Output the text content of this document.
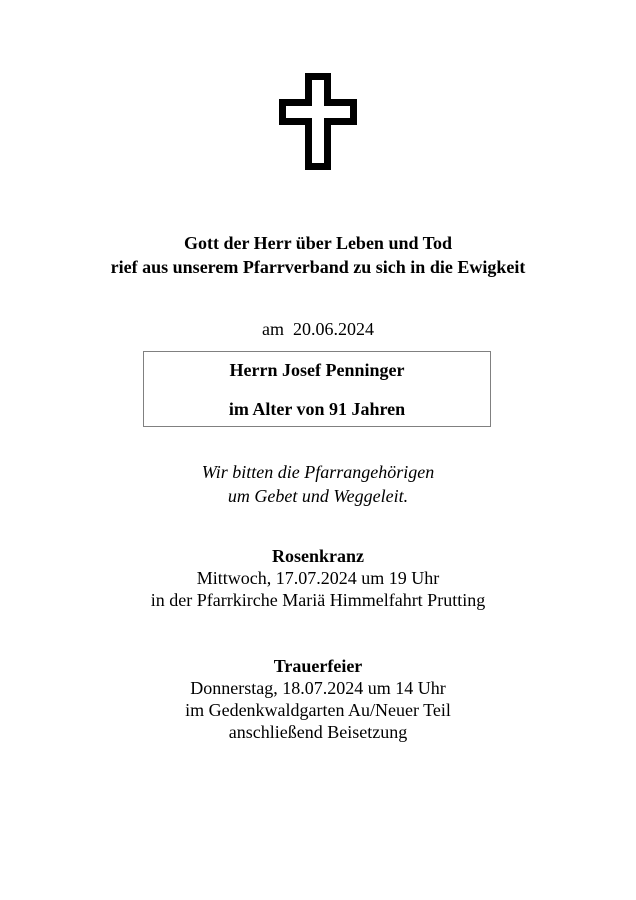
Gott der Herr über Leben und Tod
rief aus unserem Pfarrverband zu sich in die Ewigkeit
am 20.06.2024
Herrn Josef Penninger
im Alter von 91 Jahren
Wir bitten die Pfarrangehörigen
um Gebet und Weggeleit.
Rosenkranz
Mittwoch, 17.07.2024 um 19 Uhr
in der Pfarrkirche Mariä Himmelfahrt Prutting
Trauerfeier
Donnerstag, 18.07.2024 um 14 Uhr
im Gedenkwaldgarten Au/Neuer Teil
anschließend Beisetzung
